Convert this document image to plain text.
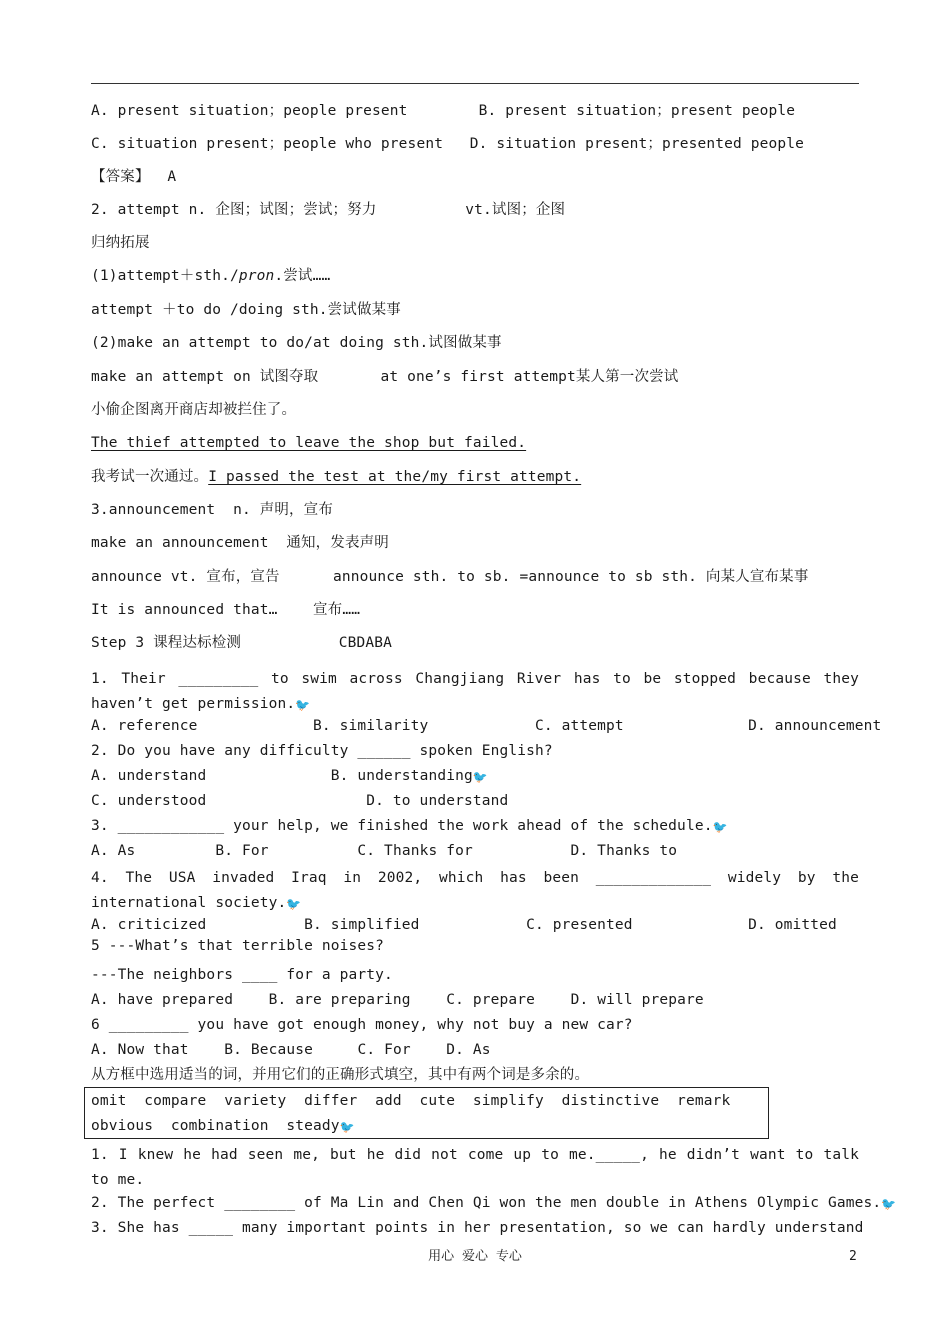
A. present situation；people present	B. present situation；present people
C. situation present；people who present D. situation present；presented people
【答案】 A
2. attempt n. 企图；试图；尝试；努力	vt.试图；企图
归纳拓展
(1)attempt＋sth./pron.尝试……
attempt ＋to do /doing sth.尝试做某事
(2)make an attempt to do/at doing sth.试图做某事
make an attempt on 试图夺取	at one’s first attempt某人第一次尝试
小偷企图离开商店却被拦住了。
The thief attempted to leave the shop but failed.
我考试一次通过。I passed the test at the/my first attempt.
3.announcement  n. 声明，宣布
make an announcement  通知，发表声明
announce vt. 宣布，宣告	announce sth. to sb. =announce to sb sth. 向某人宣布某事
It is announced that… 宣布……
Step 3 课程达标检测	CBDABA
1. Their _________ to swim across Changjiang River has to be stopped because they haven’t get permission.🐦
A. reference	B. similarity	C. attempt	D. announcement
2. Do you have any difficulty ______ spoken English?
A. understand	B. understanding🐦
C. understood	D. to understand
3. ____________ your help, we finished the work ahead of the schedule.🐦
A. As	B. For	C. Thanks for	D. Thanks to
4. The USA invaded Iraq in 2002, which has been _____________ widely by the international society.🐦
A. criticized	B. simplified	C. presented	D. omitted
5 ---What’s that terrible noises?
---The neighbors ____ for a party.
A. have prepared B. are preparing C. prepare D. will prepare
6 _________ you have got enough money, why not buy a new car?
A. Now that B. Because	C. For D. As
从方框中选用适当的词，并用它们的正确形式填空，其中有两个词是多余的。
omit  compare  variety  differ  add  cute  simplify  distinctive  remark
obvious  combination  steady🐦
1. I knew he had seen me, but he did not come up to me._____, he didn’t want to talk to me.
2. The perfect ________ of Ma Lin and Chen Qi won the men double in Athens Olympic Games.🐦
3. She has _____ many important points in her presentation, so we can hardly understand
用心 爱心 专心	2
